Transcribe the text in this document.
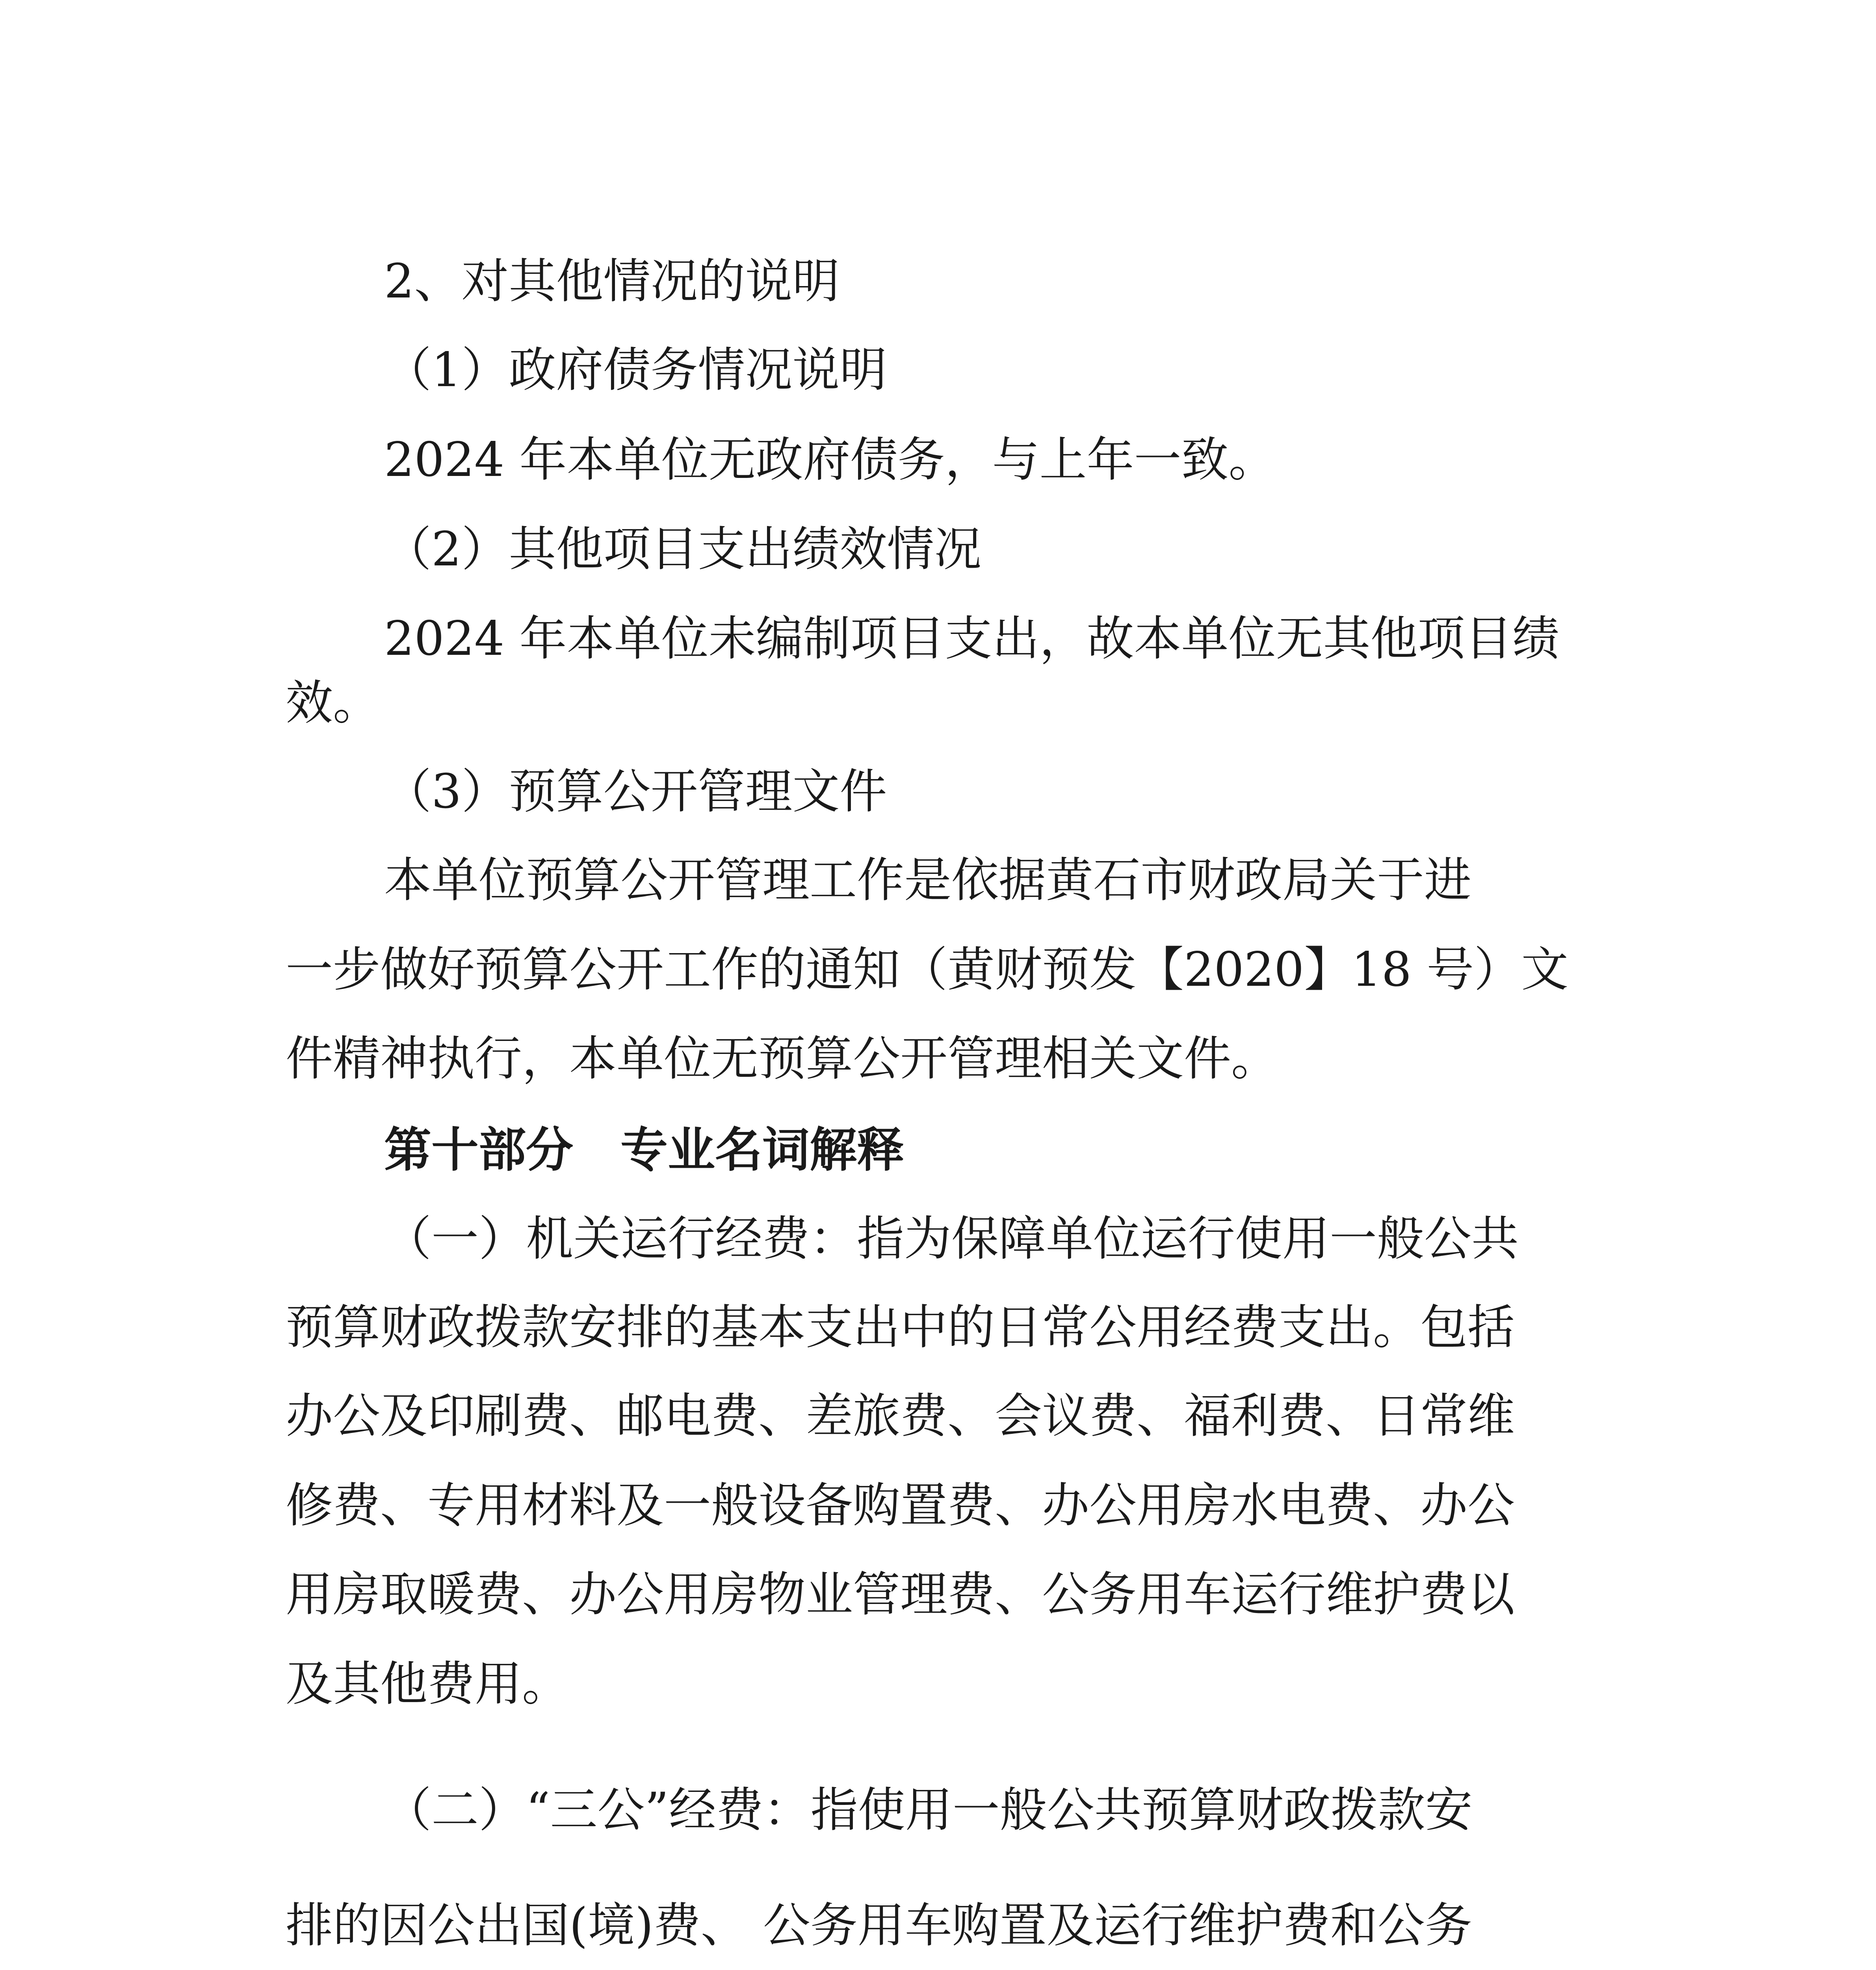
2、对其他情况的说明
（1）政府债务情况说明
2024 年本单位无政府债务，与上年一致。
（2）其他项目支出绩效情况
2024 年本单位未编制项目支出，故本单位无其他项目绩
效。
（3）预算公开管理文件
本单位预算公开管理工作是依据黄石市财政局关于进
一步做好预算公开工作的通知（黄财预发【2020】18 号）文
件精神执行，本单位无预算公开管理相关文件。
第十部分　专业名词解释
（一）机关运行经费：指为保障单位运行使用一般公共
预算财政拨款安排的基本支出中的日常公用经费支出。包括
办公及印刷费、邮电费、差旅费、会议费、福利费、日常维
修费、专用材料及一般设备购置费、办公用房水电费、办公
用房取暖费、办公用房物业管理费、公务用车运行维护费以
及其他费用。
（二）“三公”经费：指使用一般公共预算财政拨款安
排的因公出国(境)费、 公务用车购置及运行维护费和公务
